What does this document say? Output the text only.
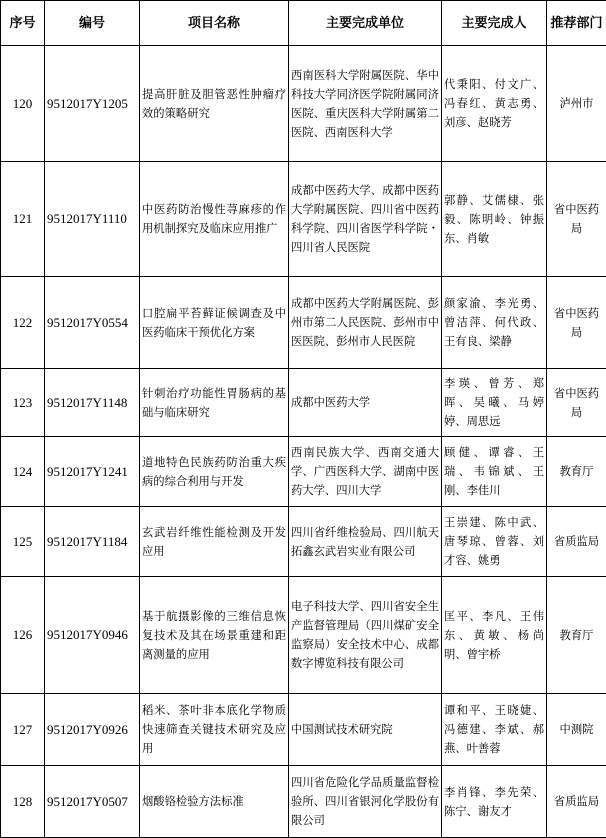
序号	编号	项目名称	主要完成单位	主要完成人	推荐部门
120	9512017Y1205	提高肝脏及胆管恶性肿瘤疗效的策略研究	西南医科大学附属医院、华中科技大学同济医学院附属同济医院、重庆医科大学附属第二医院、西南医科大学	代秉阳、付文广、冯春红、黄志勇、刘彦、赵晓芳	泸州市
121	9512017Y1110	中医药防治慢性荨麻疹的作用机制探究及临床应用推广	成都中医药大学、成都中医药大学附属医院、四川省中医药科学院、四川省医学科学院・四川省人民医院	郭静、艾儒棣、张毅、陈明岭、钟振东、肖敏	省中医药局
122	9512017Y0554	口腔扁平苔藓证候调查及中医药临床干预优化方案	成都中医药大学附属医院、彭州市第二人民医院、彭州市中医医院、彭州市人民医院	颜家渝、李光勇、曾洁萍、何代政、王有良、梁静	省中医药局
123	9512017Y1148	针刺治疗功能性胃肠病的基础与临床研究	成都中医药大学	李瑛、曾芳、郑晖、吴曦、马婷婷、周思远	省中医药局
124	9512017Y1241	道地特色民族药防治重大疾病的综合利用与开发	西南民族大学、西南交通大学、广西医科大学、湖南中医药大学、四川大学	顾健、谭睿、王瑞、韦锦斌、王刚、李佳川	教育厅
125	9512017Y1184	玄武岩纤维性能检测及开发应用	四川省纤维检验局、四川航天拓鑫玄武岩实业有限公司	王崇建、陈中武、唐琴琼、曾蓉、刘才容、姚勇	省质监局
126	9512017Y0946	基于航摄影像的三维信息恢复技术及其在场景重建和距离测量的应用	电子科技大学、四川省安全生产监督管理局（四川煤矿安全监察局）安全技术中心、成都数字博览科技有限公司	匡平、李凡、王伟东、黄敏、杨尚明、曾宇桥	教育厅
127	9512017Y0926	稻米、茶叶非本底化学物质快速筛查关键技术研究及应用	中国测试技术研究院	谭和平、王晓婕、冯德建、李斌、郝燕、叶善蓉	中测院
128	9512017Y0507	烟酸铬检验方法标准	四川省危险化学品质量监督检验所、四川省银河化学股份有限公司	李肖锋、李先荣、陈宁、谢友才	省质监局
